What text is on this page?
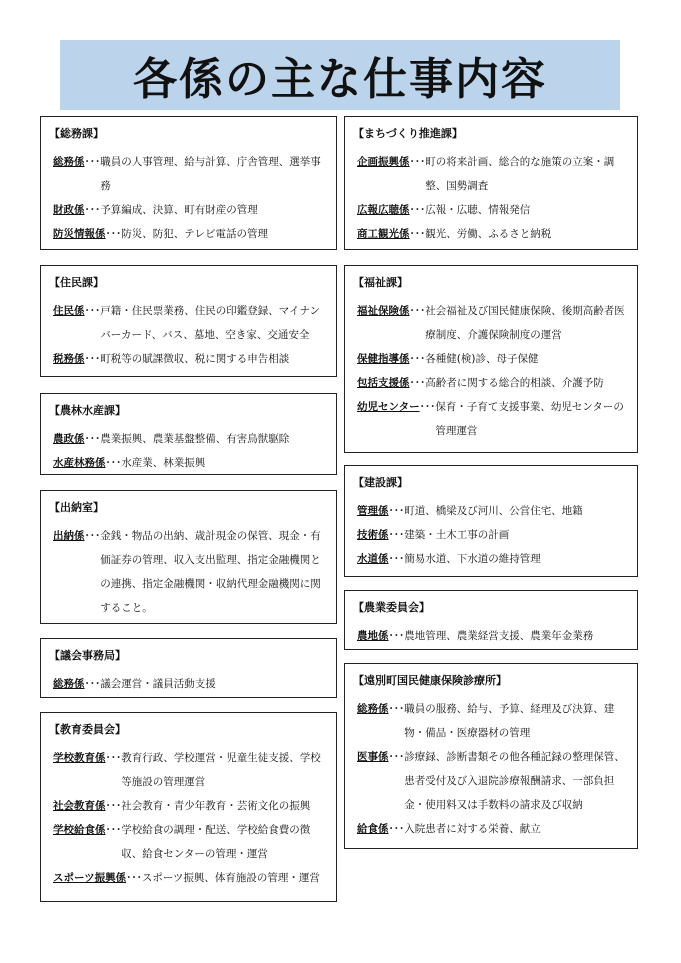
各係の主な仕事内容
【総務課】
総務係 ･･･ 職員の人事管理、給与計算、庁舎管理、選挙事務
財政係 ･･･ 予算編成、決算、町有財産の管理
防災情報係 ･･･ 防災、防犯、テレビ電話の管理
【住民課】
住民係 ･･･ 戸籍・住民票業務、住民の印鑑登録、マイナンバーカード、バス、墓地、空き家、交通安全
税務係 ･･･ 町税等の賦課徴収、税に関する申告相談
【農林水産課】
農政係 ･･･ 農業振興、農業基盤整備、有害鳥獣駆除
水産林務係 ･･･ 水産業、林業振興
【出納室】
出納係 ･･･ 金銭・物品の出納、歳計現金の保管、現金・有価証券の管理、収入支出監理、指定金融機関との連携、指定金融機関・収納代理金融機関に関すること。
【議会事務局】
総務係 ･･･ 議会運営・議員活動支援
【教育委員会】
学校教育係 ･･･ 教育行政、学校運営・児童生徒支援、学校等施設の管理運営
社会教育係 ･･･ 社会教育・青少年教育・芸術文化の振興
学校給食係 ･･･ 学校給食の調理・配送、学校給食費の徴収、給食センターの管理・運営
スポーツ振興係 ･･･ スポーツ振興、体育施設の管理・運営
【まちづくり推進課】
企画振興係 ･･･ 町の将来計画、総合的な施策の立案・調整、国勢調査
広報広聴係 ･･･ 広報・広聴、情報発信
商工観光係 ･･･ 観光、労働、ふるさと納税
【福祉課】
福祉保険係 ･･･ 社会福祉及び国民健康保険、後期高齢者医療制度、介護保険制度の運営
保健指導係 ･･･ 各種健(検)診、母子保健
包括支援係 ･･･ 高齢者に関する総合的相談、介護予防
幼児センター ･･･ 保育・子育て支援事業、幼児センターの管理運営
【建設課】
管理係 ･･･ 町道、橋梁及び河川、公営住宅、地籍
技術係 ･･･ 建築・土木工事の計画
水道係 ･･･ 簡易水道、下水道の維持管理
【農業委員会】
農地係 ･･･ 農地管理、農業経営支援、農業年金業務
【遠別町国民健康保険診療所】
総務係 ･･･ 職員の服務、給与、予算、経理及び決算、建物・備品・医療器材の管理
医事係 ･･･ 診療録、診断書類その他各種記録の整理保管、患者受付及び入退院診療報酬請求、一部負担金・使用料又は手数料の請求及び収納
給食係 ･･･ 入院患者に対する栄養、献立
